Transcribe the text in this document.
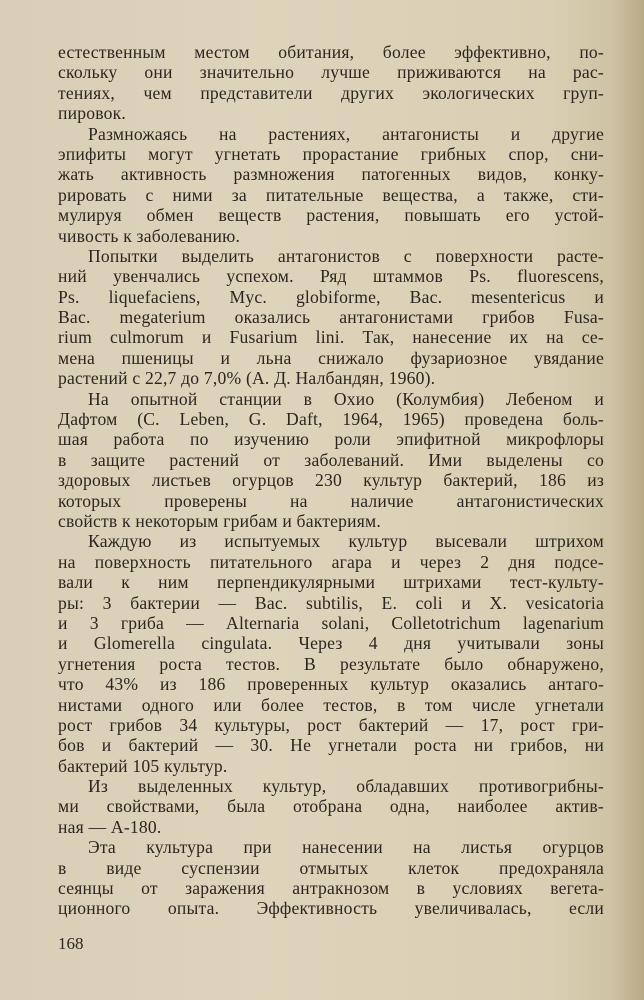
естественным местом обитания, более эффективно, по-
скольку они значительно лучше приживаются на рас-
тениях, чем представители других экологических груп-
пировок.
Размножаясь на растениях, антагонисты и другие
эпифиты могут угнетать прорастание грибных спор, сни-
жать активность размножения патогенных видов, конку-
рировать с ними за питательные вещества, а также, сти-
мулируя обмен веществ растения, повышать его устой-
чивость к заболеванию.
Попытки выделить антагонистов с поверхности расте-
ний увенчались успехом. Ряд штаммов Ps. fluorescens,
Ps. liquefaciens, Myc. globiforme, Bac. mesentericus и
Bac. megaterium оказались антагонистами грибов Fusa-
rium culmorum и Fusarium lini. Так, нанесение их на се-
мена пшеницы и льна снижало фузариозное увядание
растений с 22,7 до 7,0% (А. Д. Налбандян, 1960).
На опытной станции в Охио (Колумбия) Лебеном и
Дафтом (C. Leben, G. Daft, 1964, 1965) проведена боль-
шая работа по изучению роли эпифитной микрофлоры
в защите растений от заболеваний. Ими выделены со
здоровых листьев огурцов 230 культур бактерий, 186 из
которых проверены на наличие антагонистических
свойств к некоторым грибам и бактериям.
Каждую из испытуемых культур высевали штрихом
на поверхность питательного агара и через 2 дня подсе-
вали к ним перпендикулярными штрихами тест-культу-
ры: 3 бактерии — Bac. subtilis, E. coli и X. vesicatoria
и 3 гриба — Alternaria solani, Colletotrichum lagenarium
и Glomerella cingulata. Через 4 дня учитывали зоны
угнетения роста тестов. В результате было обнаружено,
что 43% из 186 проверенных культур оказались антаго-
нистами одного или более тестов, в том числе угнетали
рост грибов 34 культуры, рост бактерий — 17, рост гри-
бов и бактерий — 30. Не угнетали роста ни грибов, ни
бактерий 105 культур.
Из выделенных культур, обладавших противогрибны-
ми свойствами, была отобрана одна, наиболее актив-
ная — А-180.
Эта культура при нанесении на листья огурцов
в виде суспензии отмытых клеток предохраняла
сеянцы от заражения антракнозом в условиях вегета-
ционного опыта. Эффективность увеличивалась, если
168
